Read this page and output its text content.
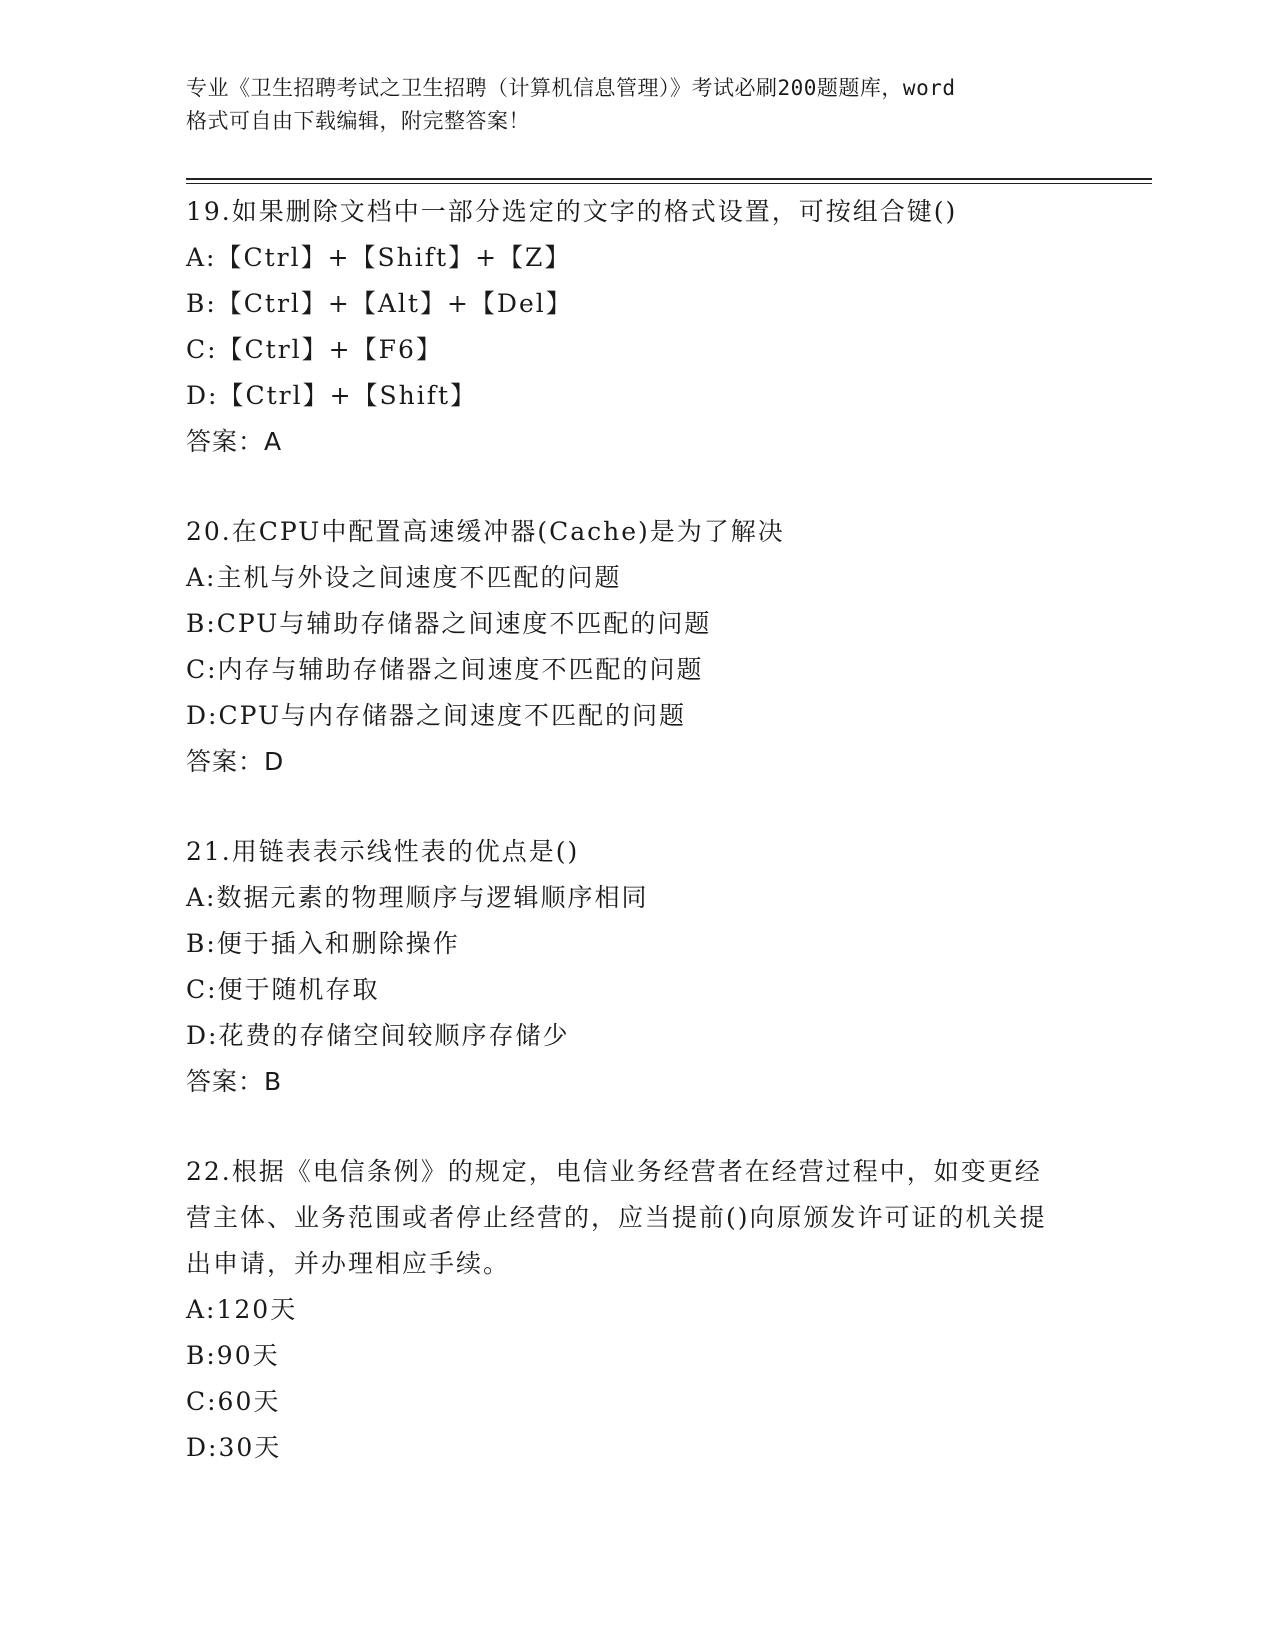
专业《卫生招聘考试之卫生招聘（计算机信息管理）》考试必刷200题题库，word
格式可自由下载编辑，附完整答案！
19.如果删除文档中一部分选定的文字的格式设置，可按组合键()
A:【Ctrl】+【Shift】+【Z】
B:【Ctrl】+【Alt】+【Del】
C:【Ctrl】+【F6】
D:【Ctrl】+【Shift】
答案：A
20.在CPU中配置高速缓冲器(Cache)是为了解决
A:主机与外设之间速度不匹配的问题
B:CPU与辅助存储器之间速度不匹配的问题
C:内存与辅助存储器之间速度不匹配的问题
D:CPU与内存储器之间速度不匹配的问题
答案：D
21.用链表表示线性表的优点是()
A:数据元素的物理顺序与逻辑顺序相同
B:便于插入和删除操作
C:便于随机存取
D:花费的存储空间较顺序存储少
答案：B
22.根据《电信条例》的规定，电信业务经营者在经营过程中，如变更经营主体、业务范围或者停止经营的，应当提前()向原颁发许可证的机关提出申请，并办理相应手续。
A:120天
B:90天
C:60天
D:30天
